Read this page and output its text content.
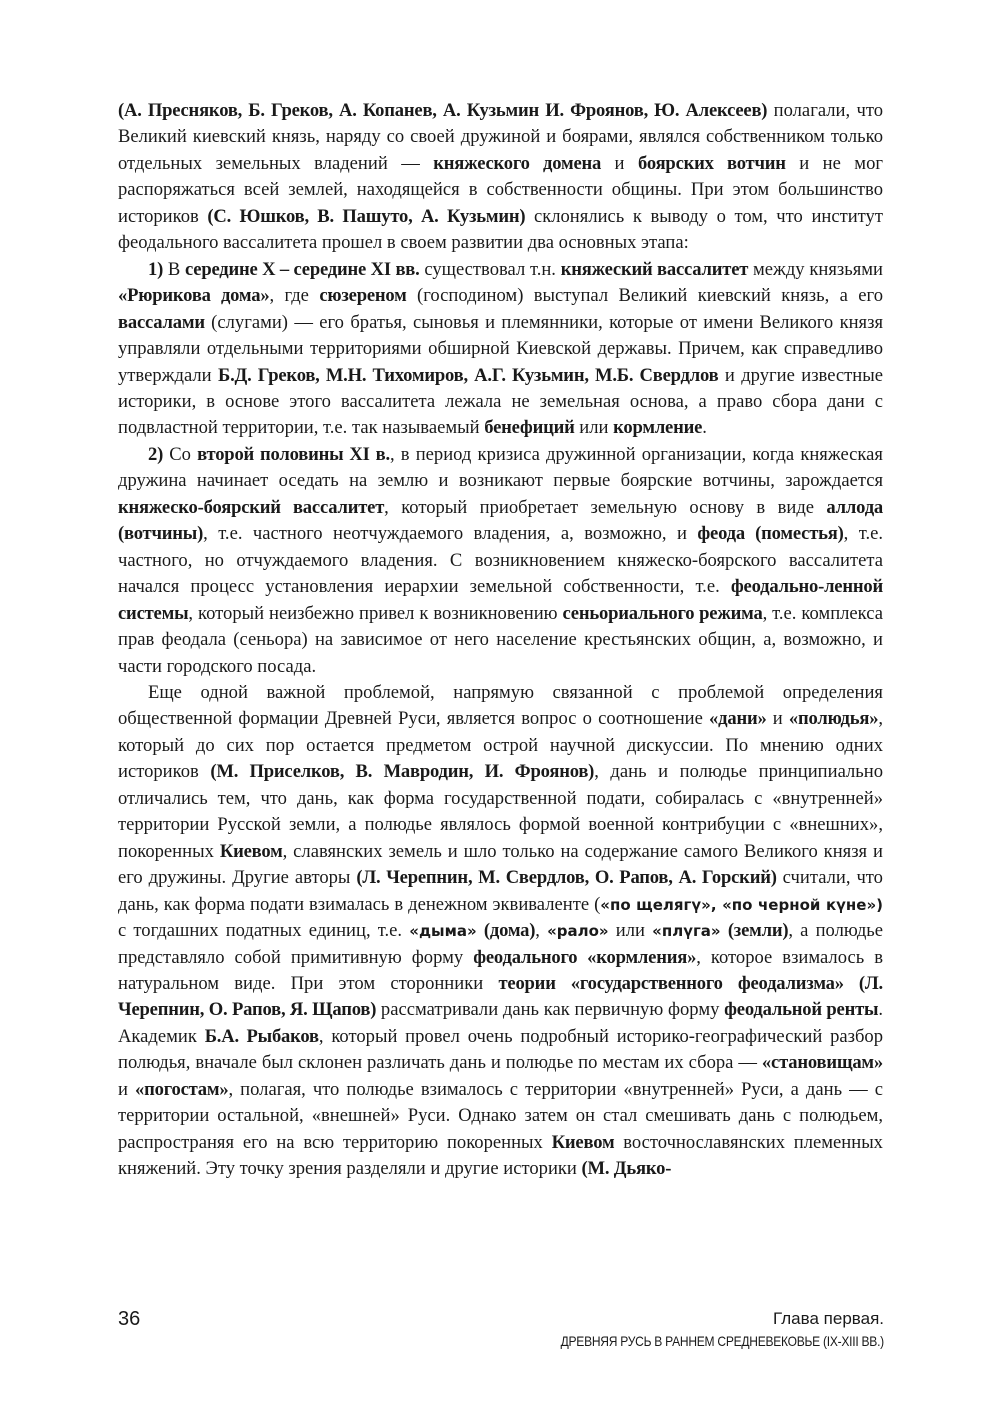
(А. Пресняков, Б. Греков, А. Копанев, А. Кузьмин И. Фроянов, Ю. Алексеев) полагали, что Великий киевский князь, наряду со своей дружиной и боярами, являлся собственником только отдельных земельных владений — княжеского домена и боярских вотчин и не мог распоряжаться всей землей, находящейся в собственности общины. При этом большинство историков (С. Юшков, В. Пашуто, А. Кузьмин) склонялись к выводу о том, что институт феодального вассалитета прошел в своем развитии два основных этапа:

1) В середине X – середине XI вв. существовал т.н. княжеский вассалитет между князьями «Рюрикова дома», где сюзереном (господином) выступал Великий киевский князь, а его вассалами (слугами) — его братья, сыновья и племянники, которые от имени Великого князя управляли отдельными территориями обширной Киевской державы. Причем, как справедливо утверждали Б.Д. Греков, М.Н. Тихомиров, А.Г. Кузьмин, М.Б. Свердлов и другие известные историки, в основе этого вассалитета лежала не земельная основа, а право сбора дани с подвластной территории, т.е. так называемый бенефиций или кормление.

2) Со второй половины XI в., в период кризиса дружинной организации, когда княжеская дружина начинает оседать на землю и возникают первые боярские вотчины, зарождается княжеско-боярский вассалитет, который приобретает земельную основу в виде аллода (вотчины), т.е. частного неотчуждаемого владения, а, возможно, и феода (поместья), т.е. частного, но отчуждаемого владения. С возникновением княжеско-боярского вассалитета начался процесс установления иерархии земельной собственности, т.е. феодально-ленной системы, который неизбежно привел к возникновению сеньориального режима, т.е. комплекса прав феодала (сеньора) на зависимое от него население крестьянских общин, а, возможно, и части городского посада.

Еще одной важной проблемой, напрямую связанной с проблемой определения общественной формации Древней Руси, является вопрос о соотношение «дани» и «полюдья», который до сих пор остается предметом острой научной дискуссии. По мнению одних историков (М. Приселков, В. Мавродин, И. Фроянов), дань и полюдье принципиально отличались тем, что дань, как форма государственной подати, собиралась с «внутренней» территории Русской земли, а полюдье являлось формой военной контрибуции с «внешних», покоренных Киевом, славянских земель и шло только на содержание самого Великого князя и его дружины. Другие авторы (Л. Черепнин, М. Свердлов, О. Рапов, А. Горский) считали, что дань, как форма подати взималась в денежном эквиваленте («по щелягү», «по черной күне») с тогдашних податных единиц, т.е. «дыма» (дома), «рало» или «плүга» (земли), а полюдье представляло собой примитивную форму феодального «кормления», которое взималось в натуральном виде. При этом сторонники теории «государственного феодализма» (Л. Черепнин, О. Рапов, Я. Щапов) рассматривали дань как первичную форму феодальной ренты. Академик Б.А. Рыбаков, который провел очень подробный историко-географический разбор полюдья, вначале был склонен различать дань и полюдье по местам их сбора — «становищам» и «погостам», полагая, что полюдье взималось с территории «внутренней» Руси, а дань — с территории остальной, «внешней» Руси. Однако затем он стал смешивать дань с полюдьем, распространяя его на всю территорию покоренных Киевом восточнославянских племенных княжений. Эту точку зрения разделяли и другие историки (М. Дьяко-

36	Глава первая.
ДРЕВНЯЯ РУСЬ В РАННЕМ СРЕДНЕВЕКОВЬЕ (IX-XIII ВВ.)
